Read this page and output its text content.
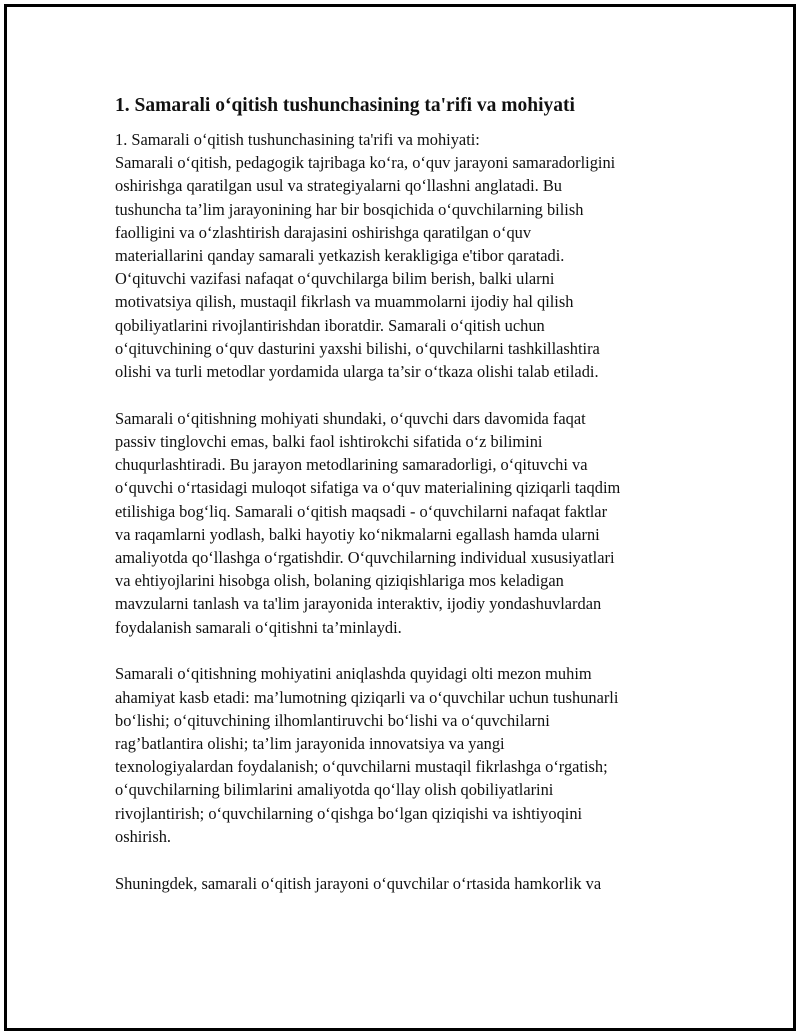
1. Samarali o‘qitish tushunchasining ta'rifi va mohiyati
1. Samarali o‘qitish tushunchasining ta'rifi va mohiyati:
Samarali o‘qitish, pedagogik tajribaga ko‘ra, o‘quv jarayoni samaradorligini
oshirishga qaratilgan usul va strategiyalarni qo‘llashni anglatadi. Bu
tushuncha ta’lim jarayonining har bir bosqichida o‘quvchilarning bilish
faolligini va o‘zlashtirish darajasini oshirishga qaratilgan o‘quv
materiallarini qanday samarali yetkazish kerakligiga e'tibor qaratadi.
O‘qituvchi vazifasi nafaqat o‘quvchilarga bilim berish, balki ularni
motivatsiya qilish, mustaqil fikrlash va muammolarni ijodiy hal qilish
qobiliyatlarini rivojlantirishdan iboratdir. Samarali o‘qitish uchun
o‘qituvchining o‘quv dasturini yaxshi bilishi, o‘quvchilarni tashkillashtira
olishi va turli metodlar yordamida ularga ta’sir o‘tkaza olishi talab etiladi.
Samarali o‘qitishning mohiyati shundaki, o‘quvchi dars davomida faqat
passiv tinglovchi emas, balki faol ishtirokchi sifatida o‘z bilimini
chuqurlashtiradi. Bu jarayon metodlarining samaradorligi, o‘qituvchi va
o‘quvchi o‘rtasidagi muloqot sifatiga va o‘quv materialining qiziqarli taqdim
etilishiga bog‘liq. Samarali o‘qitish maqsadi - o‘quvchilarni nafaqat faktlar
va raqamlarni yodlash, balki hayotiy ko‘nikmalarni egallash hamda ularni
amaliyotda qo‘llashga o‘rgatishdir. O‘quvchilarning individual xususiyatlari
va ehtiyojlarini hisobga olish, bolaning qiziqishlariga mos keladigan
mavzularni tanlash va ta'lim jarayonida interaktiv, ijodiy yondashuvlardan
foydalanish samarali o‘qitishni ta’minlaydi.
Samarali o‘qitishning mohiyatini aniqlashda quyidagi olti mezon muhim
ahamiyat kasb etadi: ma’lumotning qiziqarli va o‘quvchilar uchun tushunarli
bo‘lishi; o‘qituvchining ilhomlantiruvchi bo‘lishi va o‘quvchilarni
rag’batlantira olishi; ta’lim jarayonida innovatsiya va yangi
texnologiyalardan foydalanish; o‘quvchilarni mustaqil fikrlashga o‘rgatish;
o‘quvchilarning bilimlarini amaliyotda qo‘llay olish qobiliyatlarini
rivojlantirish; o‘quvchilarning o‘qishga bo‘lgan qiziqishi va ishtiyoqini
oshirish.
Shuningdek, samarali o‘qitish jarayoni o‘quvchilar o‘rtasida hamkorlik va
